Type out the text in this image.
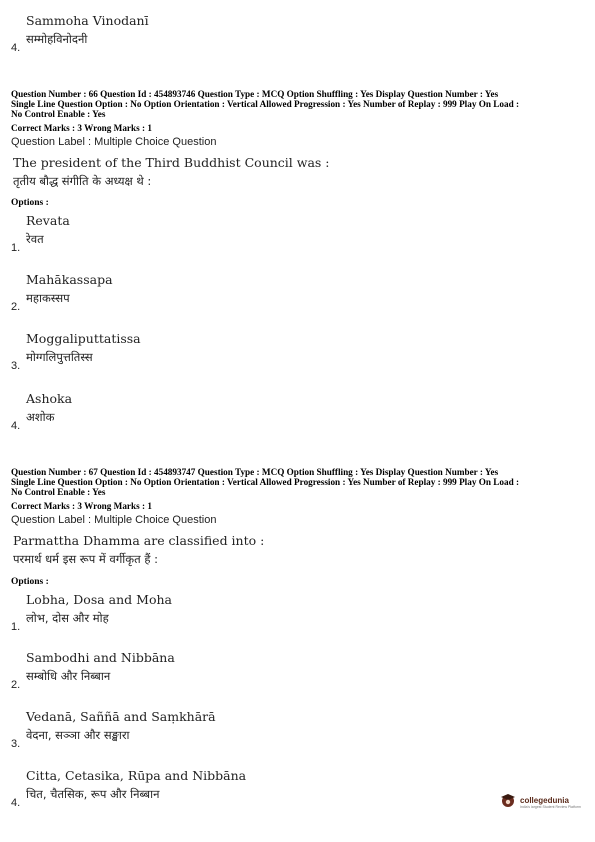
Sammoha Vinodanī
सम्मोहविनोदनी
4.
Question Number : 66 Question Id : 454893746 Question Type : MCQ Option Shuffling : Yes Display Question Number : Yes
Single Line Question Option : No Option Orientation : Vertical Allowed Progression : Yes Number of Replay : 999 Play On Load :
No Control Enable : Yes
Correct Marks : 3 Wrong Marks : 1
Question Label : Multiple Choice Question
The president of the Third Buddhist Council was :
तृतीय बौद्ध संगीति के अध्यक्ष थे :
Options :
Revata
रेवत
1.
Mahākassapa
महाकस्सप
2.
Moggaliputtatissa
मोग्गलिपुत्ततिस्स
3.
Ashoka
अशोक
4.
Question Number : 67 Question Id : 454893747 Question Type : MCQ Option Shuffling : Yes Display Question Number : Yes
Single Line Question Option : No Option Orientation : Vertical Allowed Progression : Yes Number of Replay : 999 Play On Load :
No Control Enable : Yes
Correct Marks : 3 Wrong Marks : 1
Question Label : Multiple Choice Question
Parmattha Dhamma are classified into :
परमार्थ धर्म इस रूप में वर्गीकृत हैं :
Options :
Lobha, Dosa and Moha
लोभ, दोस और मोह
1.
Sambodhi and Nibbāna
सम्बोधि और निब्बान
2.
Vedanā, Saññā and Saṃkhārā
वेदना, सञ्ञा और सङ्खारा
3.
Citta, Cetasika, Rūpa and Nibbāna
चित, चैतसिक, रूप और निब्बान
4.	collegedunia
India's largest Student Review Platform
